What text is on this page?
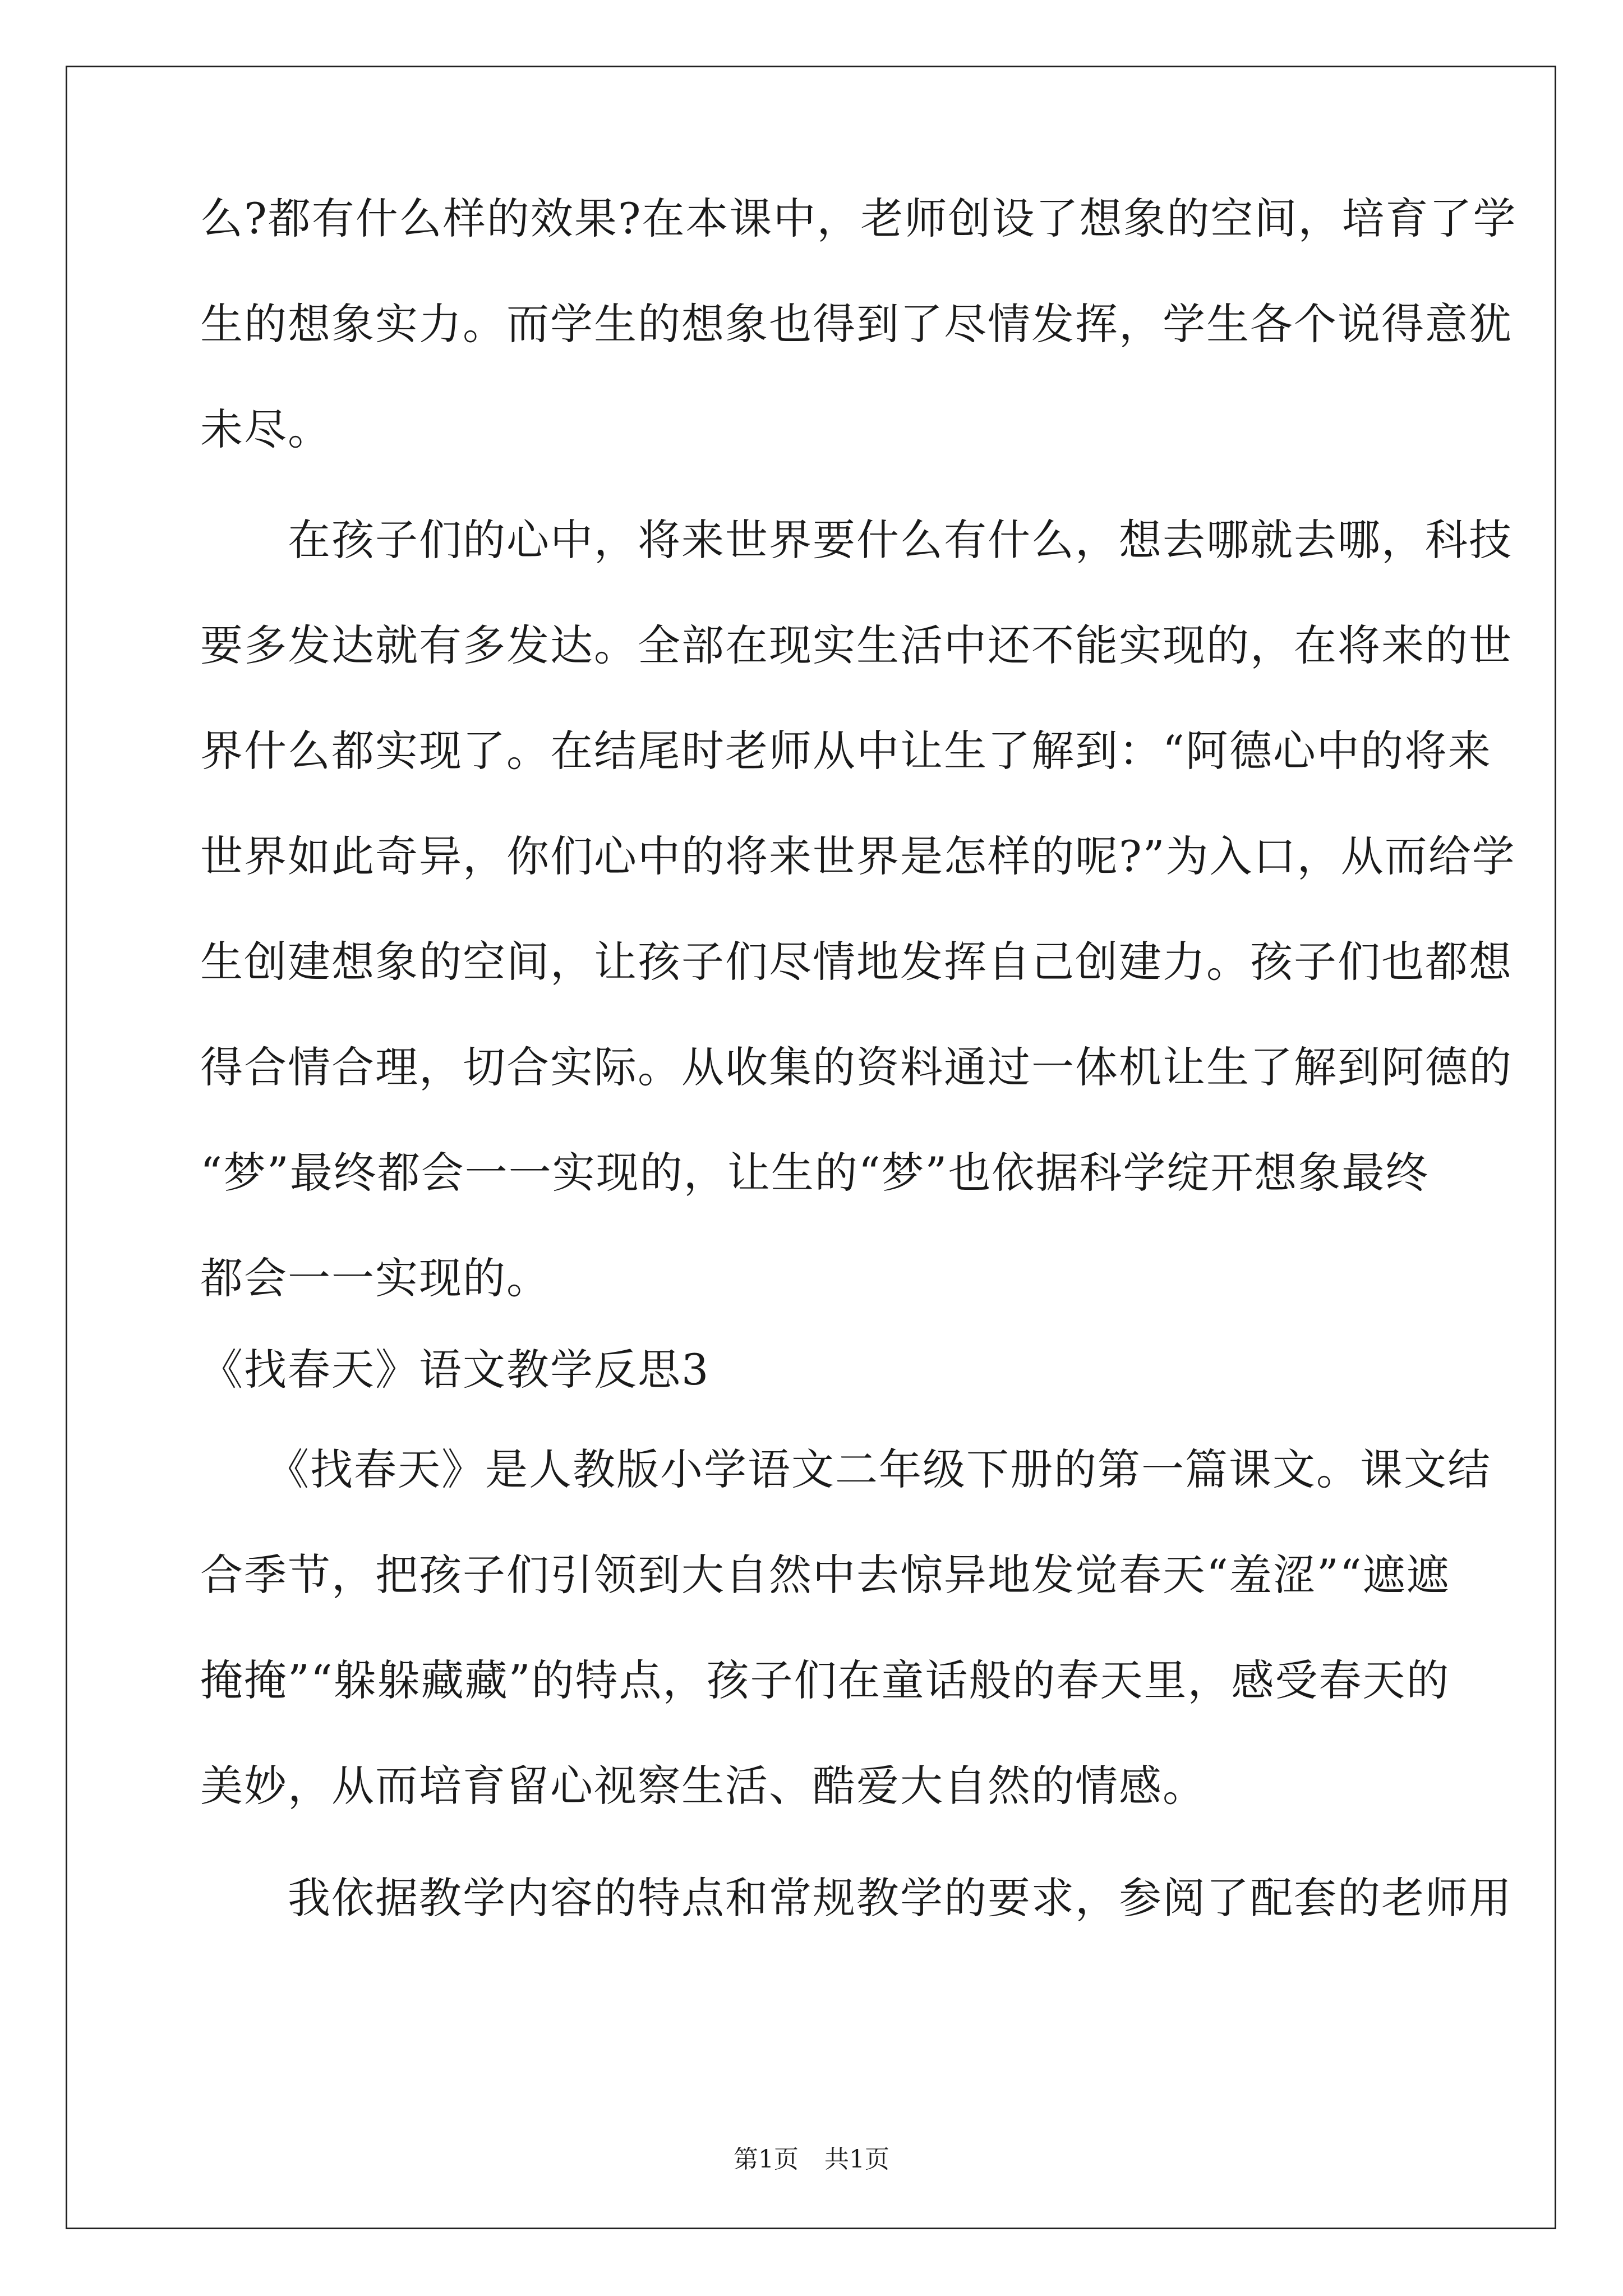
么?都有什么样的效果?在本课中，老师创设了想象的空间，培育了学
生的想象实力。而学生的想象也得到了尽情发挥，学生各个说得意犹
未尽。
　　在孩子们的心中，将来世界要什么有什么，想去哪就去哪，科技
要多发达就有多发达。全部在现实生活中还不能实现的，在将来的世
界什么都实现了。在结尾时老师从中让生了解到：“阿德心中的将来
世界如此奇异，你们心中的将来世界是怎样的呢?”为入口，从而给学
生创建想象的空间，让孩子们尽情地发挥自己创建力。孩子们也都想
得合情合理，切合实际。从收集的资料通过一体机让生了解到阿德的
“梦”最终都会一一实现的，让生的“梦”也依据科学绽开想象最终
都会一一实现的。
《找春天》语文教学反思3
　　《找春天》是人教版小学语文二年级下册的第一篇课文。课文结
合季节，把孩子们引领到大自然中去惊异地发觉春天“羞涩”“遮遮
掩掩”“躲躲藏藏”的特点，孩子们在童话般的春天里，感受春天的
美妙，从而培育留心视察生活、酷爱大自然的情感。
　　我依据教学内容的特点和常规教学的要求，参阅了配套的老师用
第1页 共1页
